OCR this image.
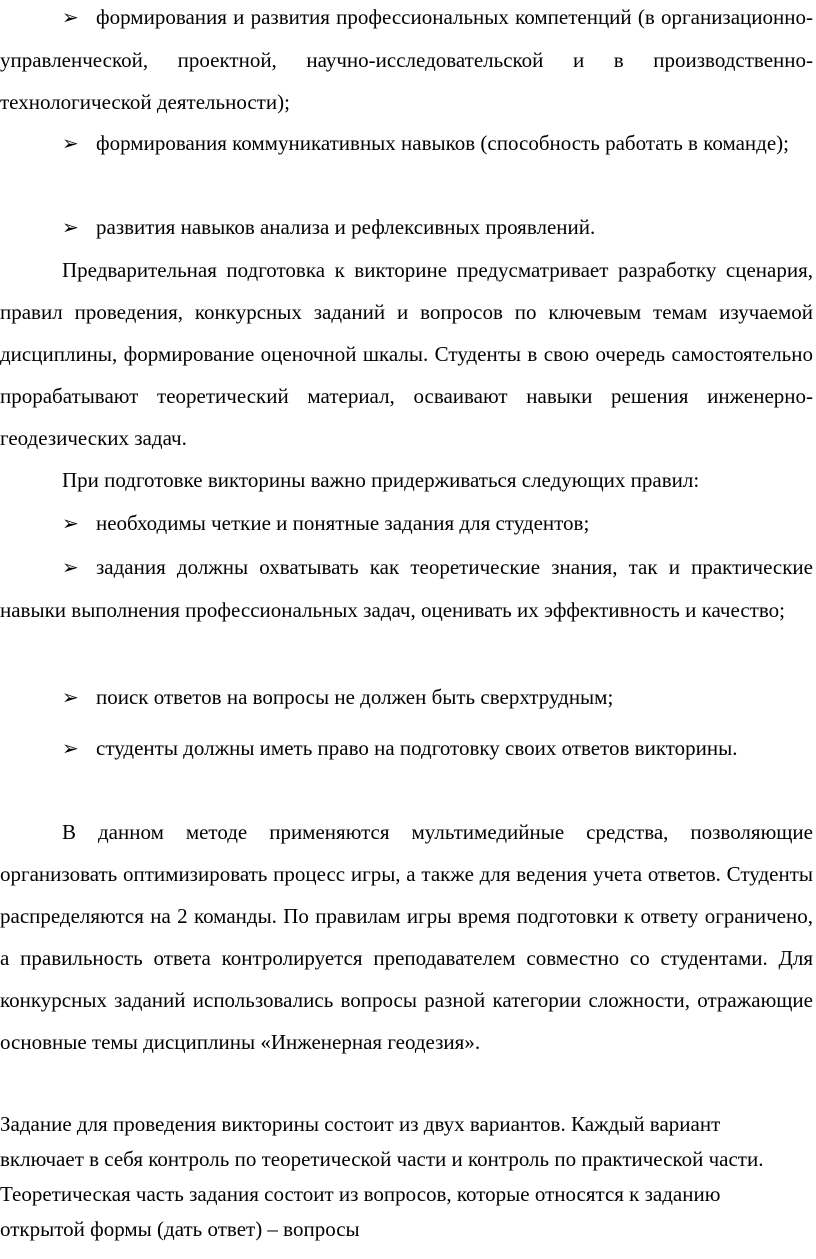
➢ формирования и развития профессиональных компетенций (в организационно-управленческой, проектной, научно-исследовательской и в производственно-технологической деятельности);

➢ формирования коммуникативных навыков (способность работать в команде);

➢ развития навыков анализа и рефлексивных проявлений.

Предварительная подготовка к викторине предусматривает разработку сценария, правил проведения, конкурсных заданий и вопросов по ключевым темам изучаемой дисциплины, формирование оценочной шкалы. Студенты в свою очередь самостоятельно прорабатывают теоретический материал, осваивают навыки решения инженерно-геодезических задач.

При подготовке викторины важно придерживаться следующих правил:

➢ необходимы четкие и понятные задания для студентов;

➢ задания должны охватывать как теоретические знания, так и практические навыки выполнения профессиональных задач, оценивать их эффективность и качество;

➢ поиск ответов на вопросы не должен быть сверхтрудным;

➢ студенты должны иметь право на подготовку своих ответов викторины.

В данном методе применяются мультимедийные средства, позволяющие организовать оптимизировать процесс игры, а также для ведения учета ответов. Студенты распределяются на 2 команды. По правилам игры время подготовки к ответу ограничено, а правильность ответа контролируется преподавателем совместно со студентами. Для конкурсных заданий использовались вопросы разной категории сложности, отражающие основные темы дисциплины «Инженерная геодезия».

Задание для проведения викторины состоит из двух вариантов. Каждый вариант включает в себя контроль по теоретической части и контроль по практической части. Теоретическая часть задания состоит из вопросов, которые относятся к заданию открытой формы (дать ответ) – вопросы
